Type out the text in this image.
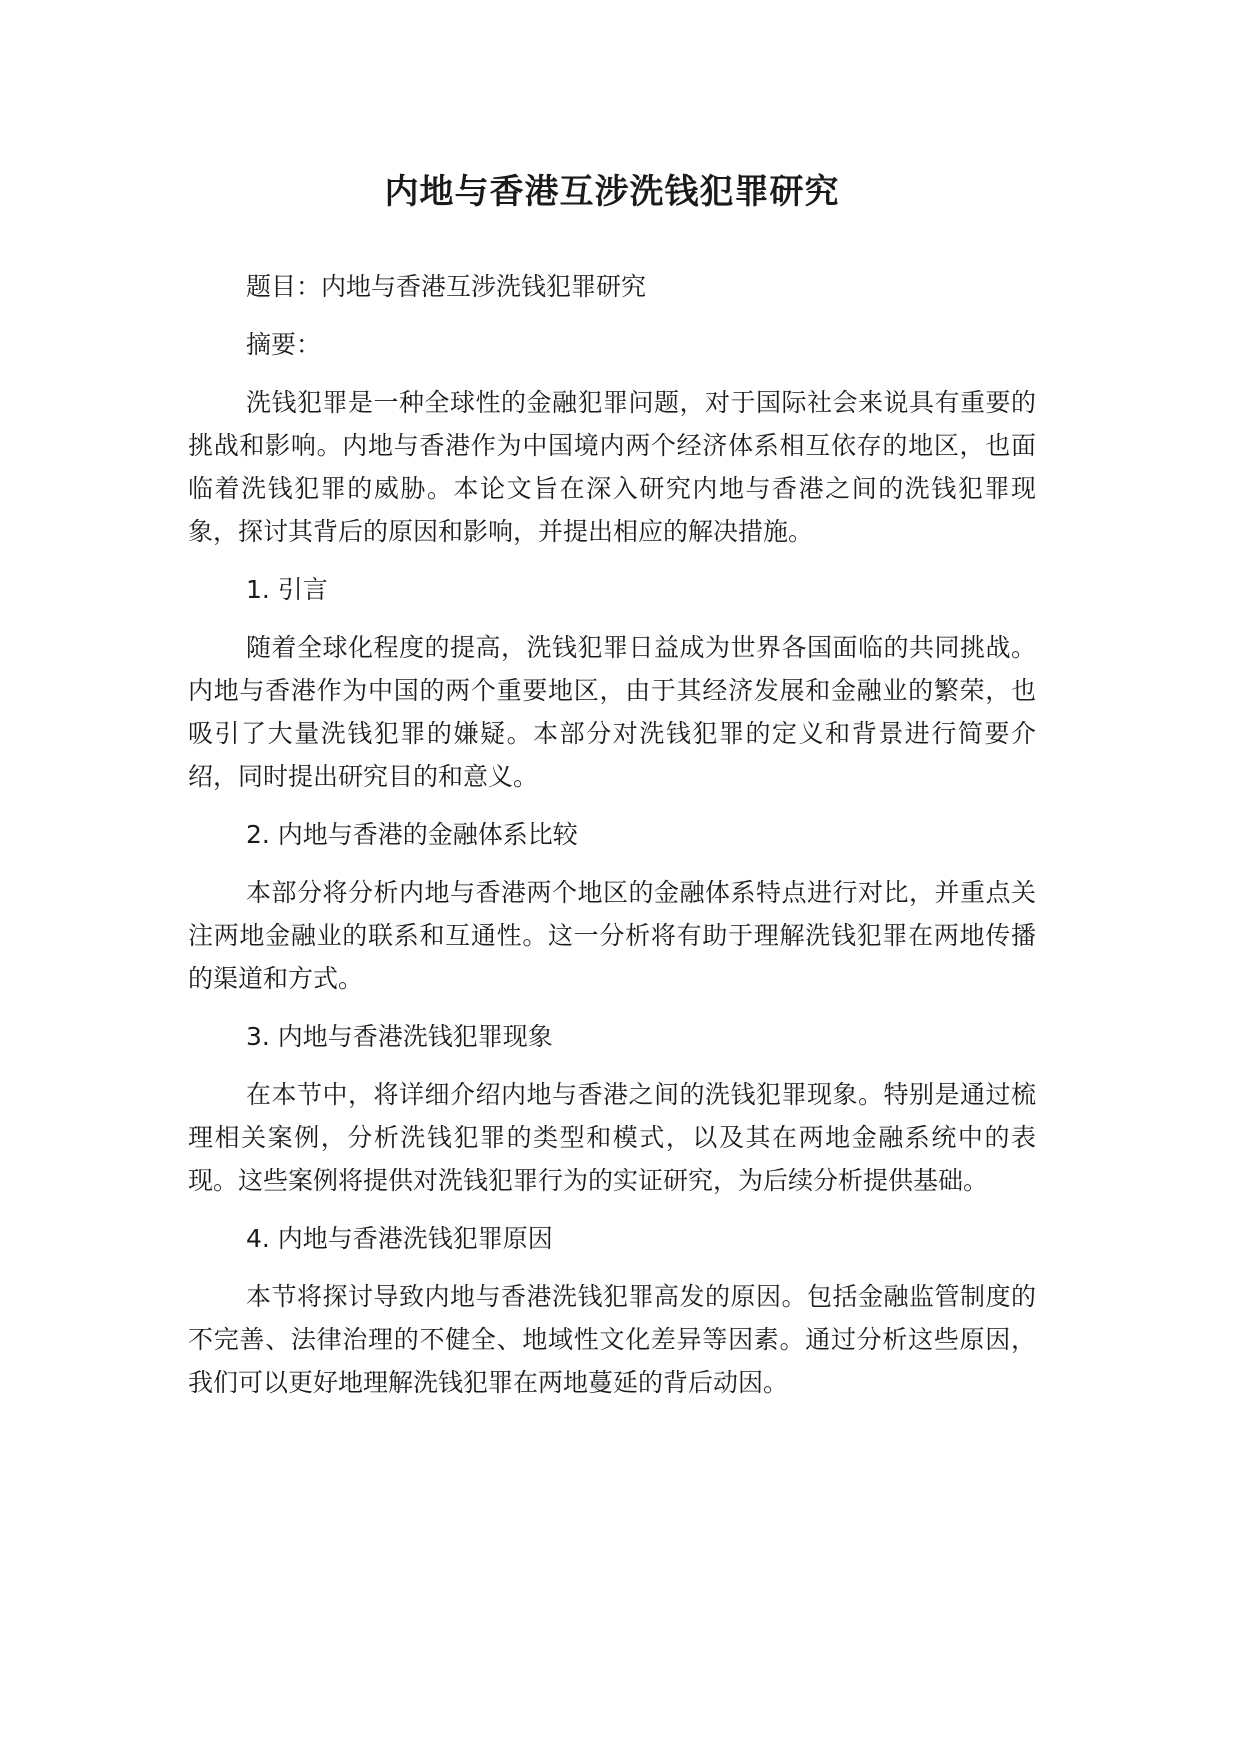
内地与香港互涉洗钱犯罪研究

题目：内地与香港互涉洗钱犯罪研究

摘要：

洗钱犯罪是一种全球性的金融犯罪问题，对于国际社会来说具有重要的挑战和影响。内地与香港作为中国境内两个经济体系相互依存的地区，也面临着洗钱犯罪的威胁。本论文旨在深入研究内地与香港之间的洗钱犯罪现象，探讨其背后的原因和影响，并提出相应的解决措施。

1. 引言

随着全球化程度的提高，洗钱犯罪日益成为世界各国面临的共同挑战。内地与香港作为中国的两个重要地区，由于其经济发展和金融业的繁荣，也吸引了大量洗钱犯罪的嫌疑。本部分对洗钱犯罪的定义和背景进行简要介绍，同时提出研究目的和意义。

2. 内地与香港的金融体系比较

本部分将分析内地与香港两个地区的金融体系特点进行对比，并重点关注两地金融业的联系和互通性。这一分析将有助于理解洗钱犯罪在两地传播的渠道和方式。

3. 内地与香港洗钱犯罪现象

在本节中，将详细介绍内地与香港之间的洗钱犯罪现象。特别是通过梳理相关案例，分析洗钱犯罪的类型和模式，以及其在两地金融系统中的表现。这些案例将提供对洗钱犯罪行为的实证研究，为后续分析提供基础。

4. 内地与香港洗钱犯罪原因

本节将探讨导致内地与香港洗钱犯罪高发的原因。包括金融监管制度的不完善、法律治理的不健全、地域性文化差异等因素。通过分析这些原因，我们可以更好地理解洗钱犯罪在两地蔓延的背后动因。
